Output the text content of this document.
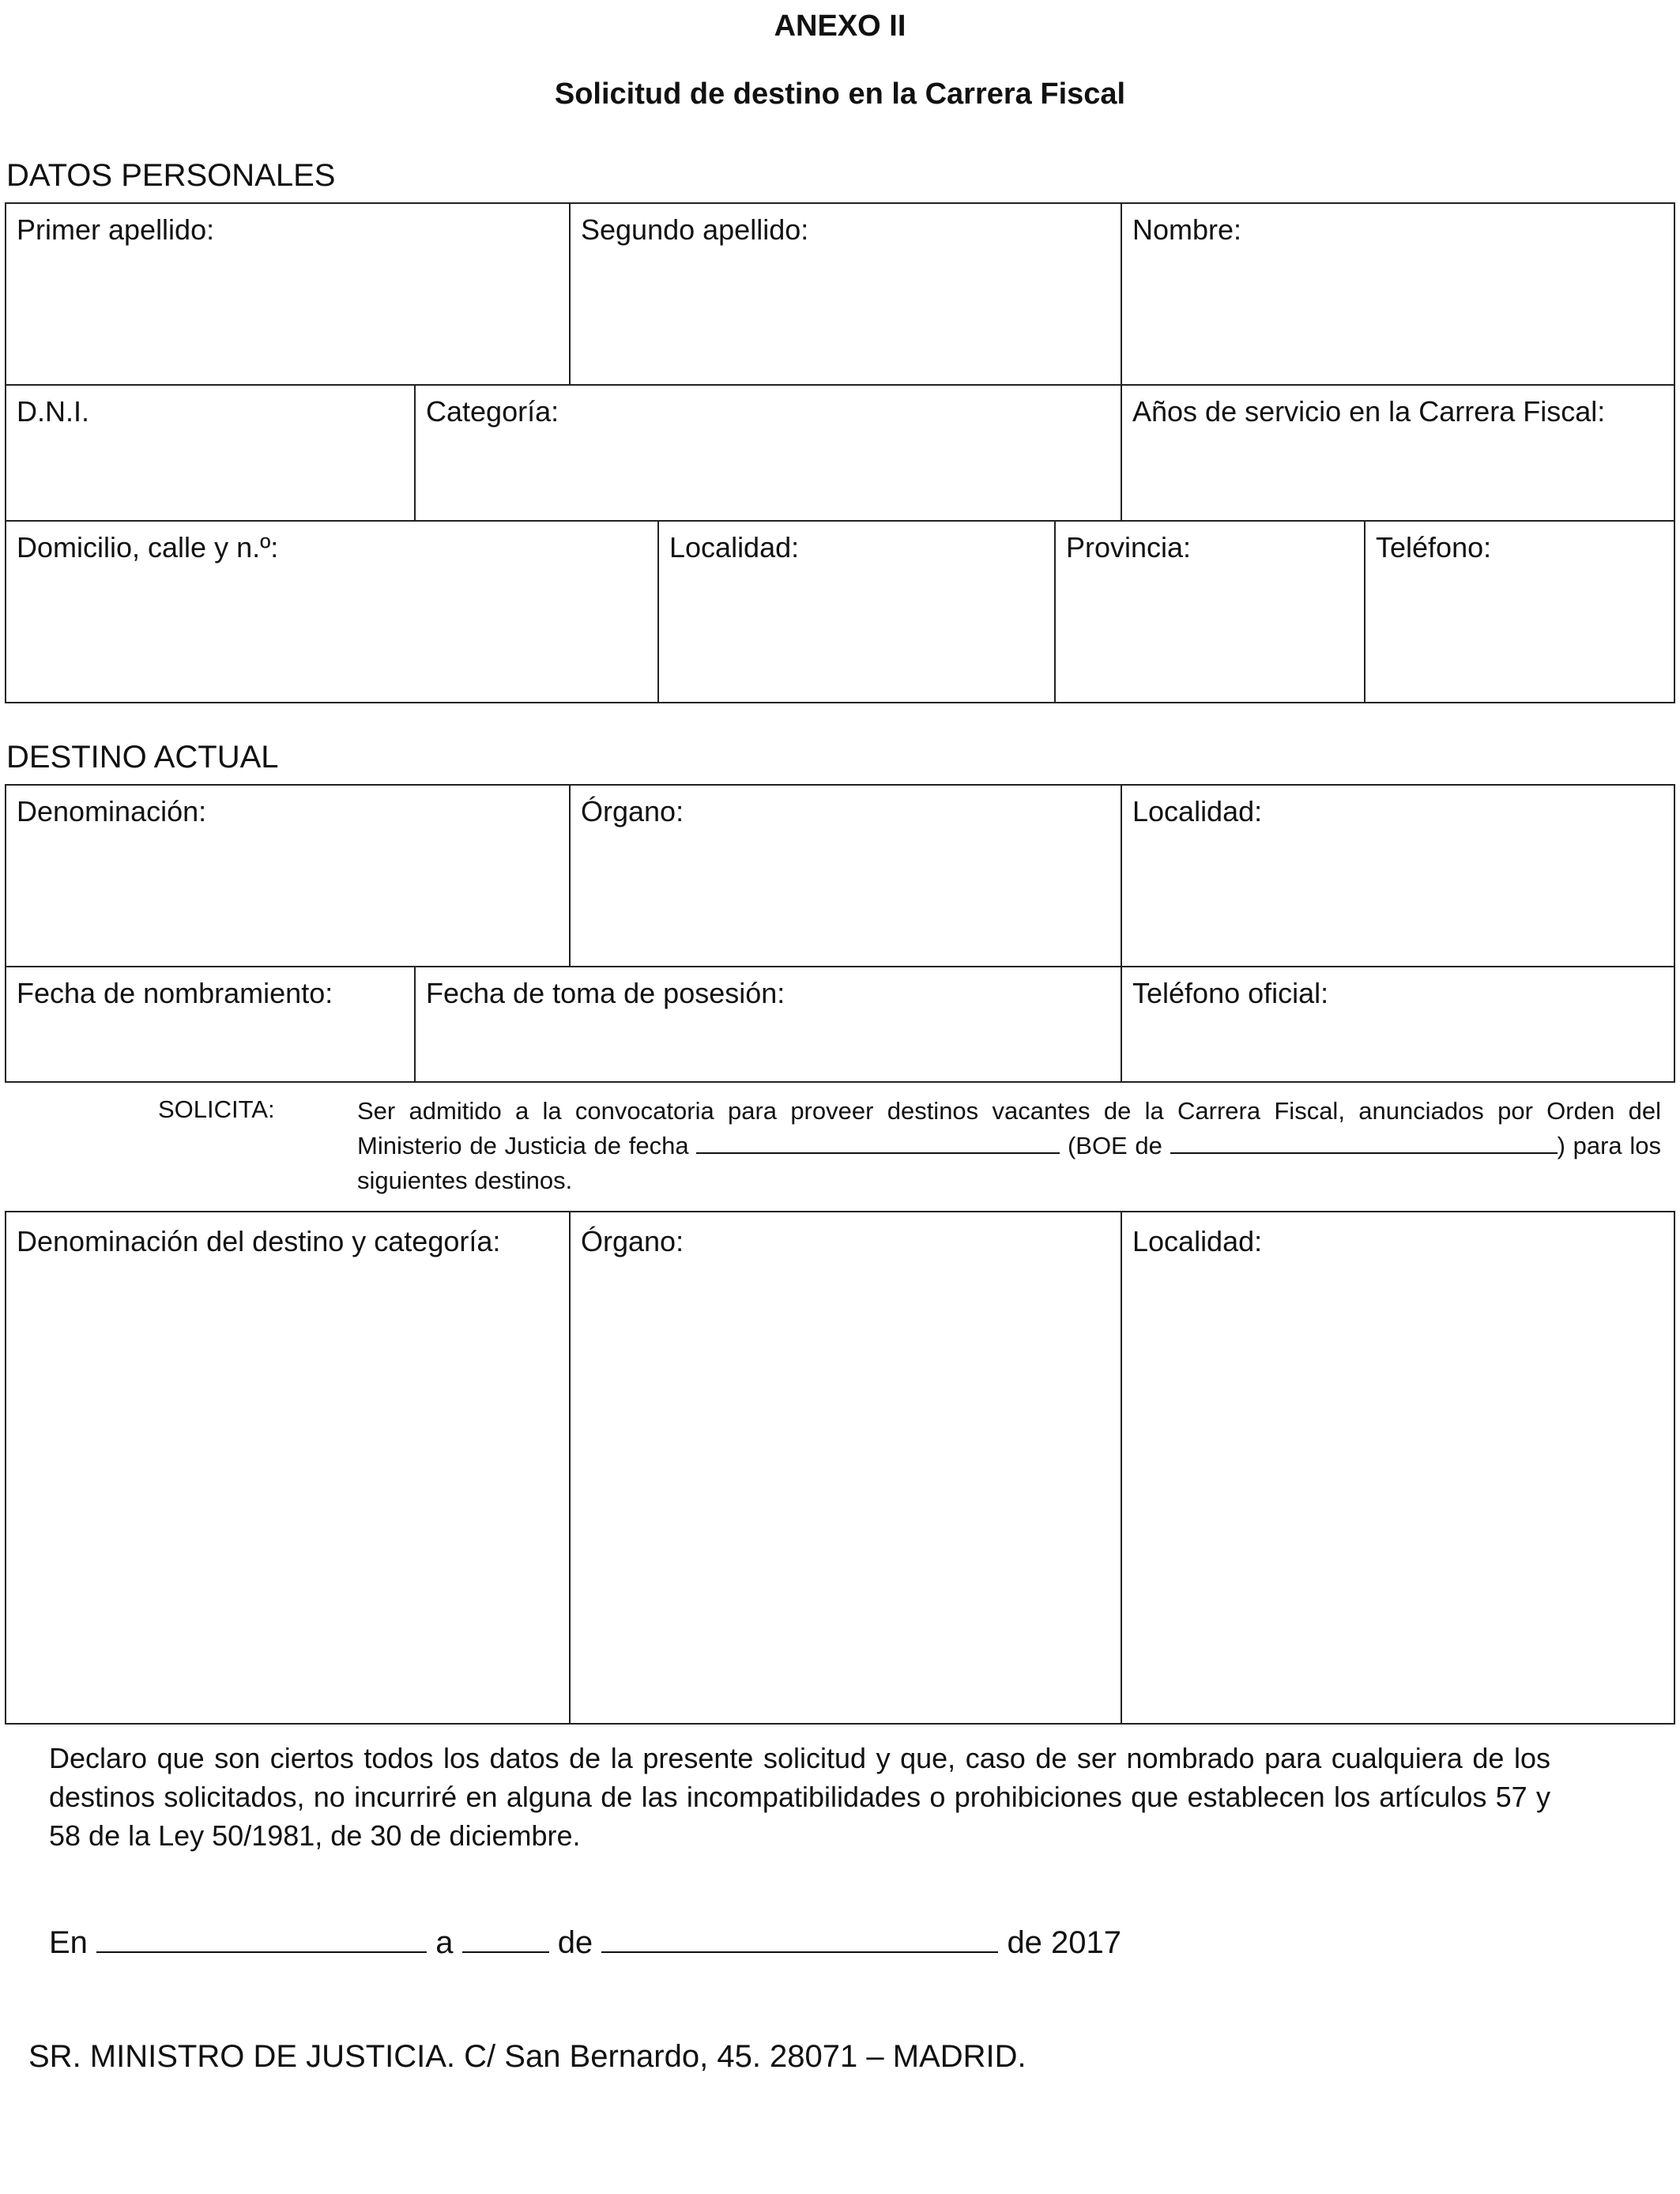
ANEXO II
Solicitud de destino en la Carrera Fiscal
DATOS PERSONALES
Primer apellido:	Segundo apellido:	Nombre:
D.N.I.	Categoría:	Años de servicio en la Carrera Fiscal:
Domicilio, calle y n.º:	Localidad:	Provincia:	Teléfono:
DESTINO ACTUAL
Denominación:	Órgano:	Localidad:
Fecha de nombramiento:	Fecha de toma de posesión:	Teléfono oficial:
SOLICITA:	Ser admitido a la convocatoria para proveer destinos vacantes de la Carrera Fiscal, anunciados por Orden del Ministerio de Justicia de fecha	(BOE de	) para los siguientes destinos.
Denominación del destino y categoría:	Órgano:	Localidad:
Declaro que son ciertos todos los datos de la presente solicitud y que, caso de ser nombrado para cualquiera de los destinos solicitados, no incurriré en alguna de las incompatibilidades o prohibiciones que establecen los artículos 57 y 58 de la Ley 50/1981, de 30 de diciembre.
En	a	de	de 2017
SR. MINISTRO DE JUSTICIA. C/ San Bernardo, 45. 28071 – MADRID.
